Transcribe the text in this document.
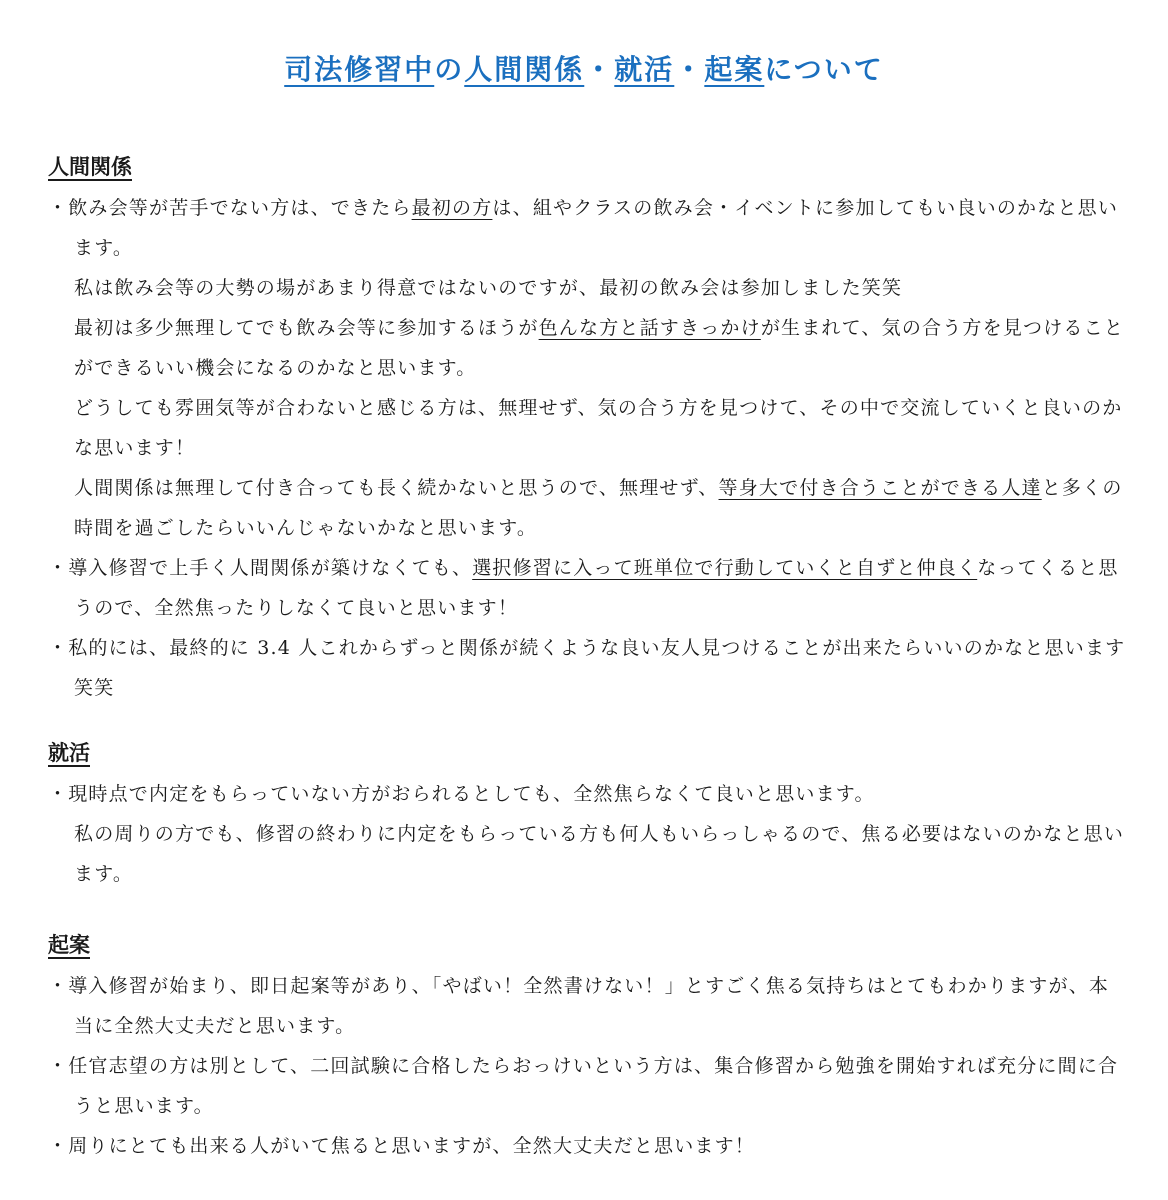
司法修習中の人間関係・就活・起案について
人間関係

・飲み会等が苦手でない方は、できたら最初の方は、組やクラスの飲み会・イベントに参加してもい良いのかなと思います。

私は飲み会等の大勢の場があまり得意ではないのですが、最初の飲み会は参加しました笑笑

最初は多少無理してでも飲み会等に参加するほうが色んな方と話すきっかけが生まれて、気の合う方を見つけることができるいい機会になるのかなと思います。

どうしても雰囲気等が合わないと感じる方は、無理せず、気の合う方を見つけて、その中で交流していくと良いのかな思います！

人間関係は無理して付き合っても長く続かないと思うので、無理せず、等身大で付き合うことができる人達と多くの時間を過ごしたらいいんじゃないかなと思います。

・導入修習で上手く人間関係が築けなくても、選択修習に入って班単位で行動していくと自ずと仲良くなってくると思うので、全然焦ったりしなくて良いと思います！

・私的には、最終的に 3.4 人これからずっと関係が続くような良い友人見つけることが出来たらいいのかなと思います笑笑

就活

・現時点で内定をもらっていない方がおられるとしても、全然焦らなくて良いと思います。

私の周りの方でも、修習の終わりに内定をもらっている方も何人もいらっしゃるので、焦る必要はないのかなと思います。

起案

・導入修習が始まり、即日起案等があり、「やばい！全然書けない！」とすごく焦る気持ちはとてもわかりますが、本当に全然大丈夫だと思います。

・任官志望の方は別として、二回試験に合格したらおっけいという方は、集合修習から勉強を開始すれば充分に間に合うと思います。

・周りにとても出来る人がいて焦ると思いますが、全然大丈夫だと思います！
